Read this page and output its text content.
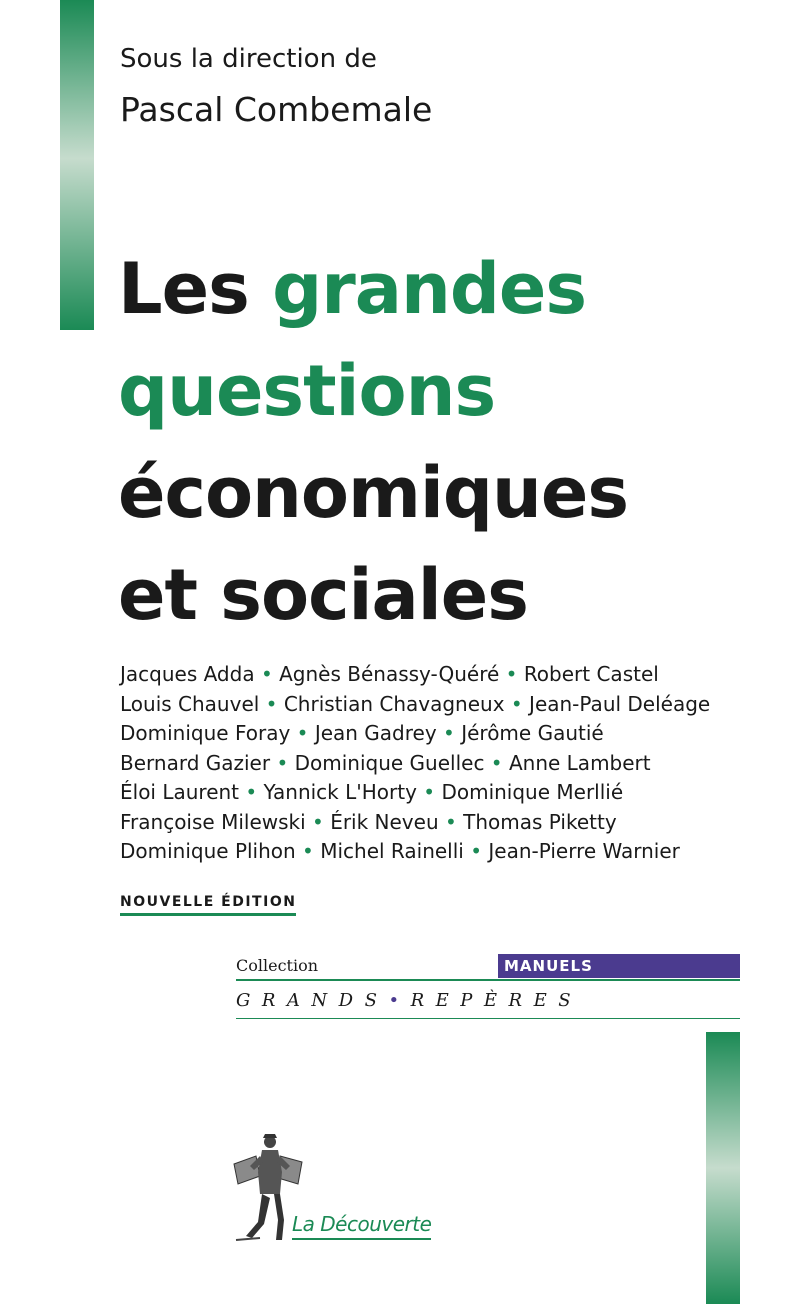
Sous la direction de
Pascal Combemale
Les grandes
questions
économiques
et sociales
Jacques Adda • Agnès Bénassy-Quéré • Robert Castel
Louis Chauvel • Christian Chavagneux • Jean-Paul Deléage
Dominique Foray • Jean Gadrey • Jérôme Gautié
Bernard Gazier • Dominique Guellec • Anne Lambert
Éloi Laurent • Yannick L'Horty • Dominique Merllié
Françoise Milewski • Érik Neveu • Thomas Piketty
Dominique Plihon • Michel Rainelli • Jean-Pierre Warnier
NOUVELLE ÉDITION
Collection	MANUELS
GRANDS•REPÈRES
La Découverte
